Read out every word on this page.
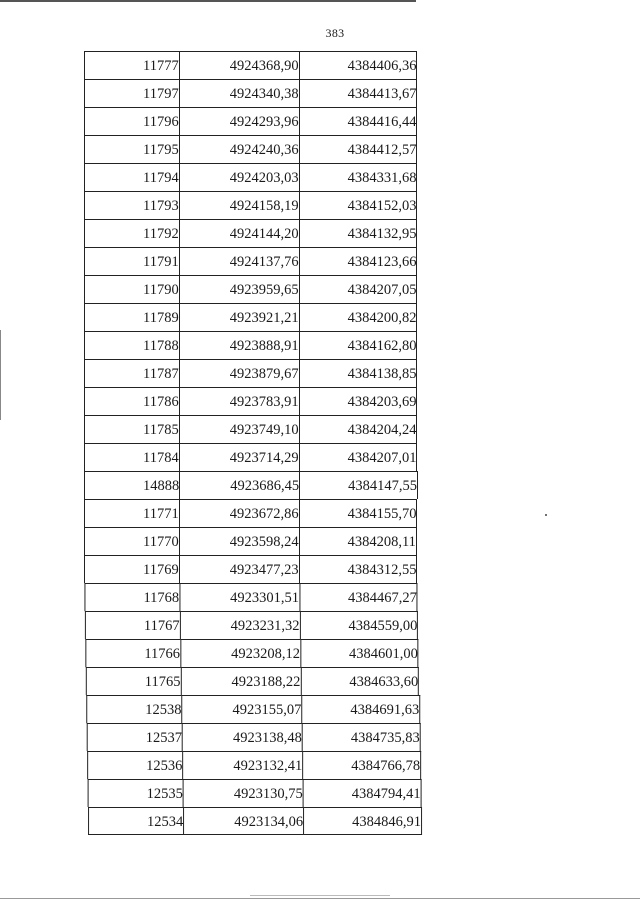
383
11777	4924368,90	4384406,36
11797	4924340,38	4384413,67
11796	4924293,96	4384416,44
11795	4924240,36	4384412,57
11794	4924203,03	4384331,68
11793	4924158,19	4384152,03
11792	4924144,20	4384132,95
11791	4924137,76	4384123,66
11790	4923959,65	4384207,05
11789	4923921,21	4384200,82
11788	4923888,91	4384162,80
11787	4923879,67	4384138,85
11786	4923783,91	4384203,69
11785	4923749,10	4384204,24
11784	4923714,29	4384207,01
14888	4923686,45	4384147,55
11771	4923672,86	4384155,70
11770	4923598,24	4384208,11
11769	4923477,23	4384312,55
11768	4923301,51	4384467,27
11767	4923231,32	4384559,00
11766	4923208,12	4384601,00
11765	4923188,22	4384633,60
12538	4923155,07	4384691,63
12537	4923138,48	4384735,83
12536	4923132,41	4384766,78
12535	4923130,75	4384794,41
12534	4923134,06	4384846,91
